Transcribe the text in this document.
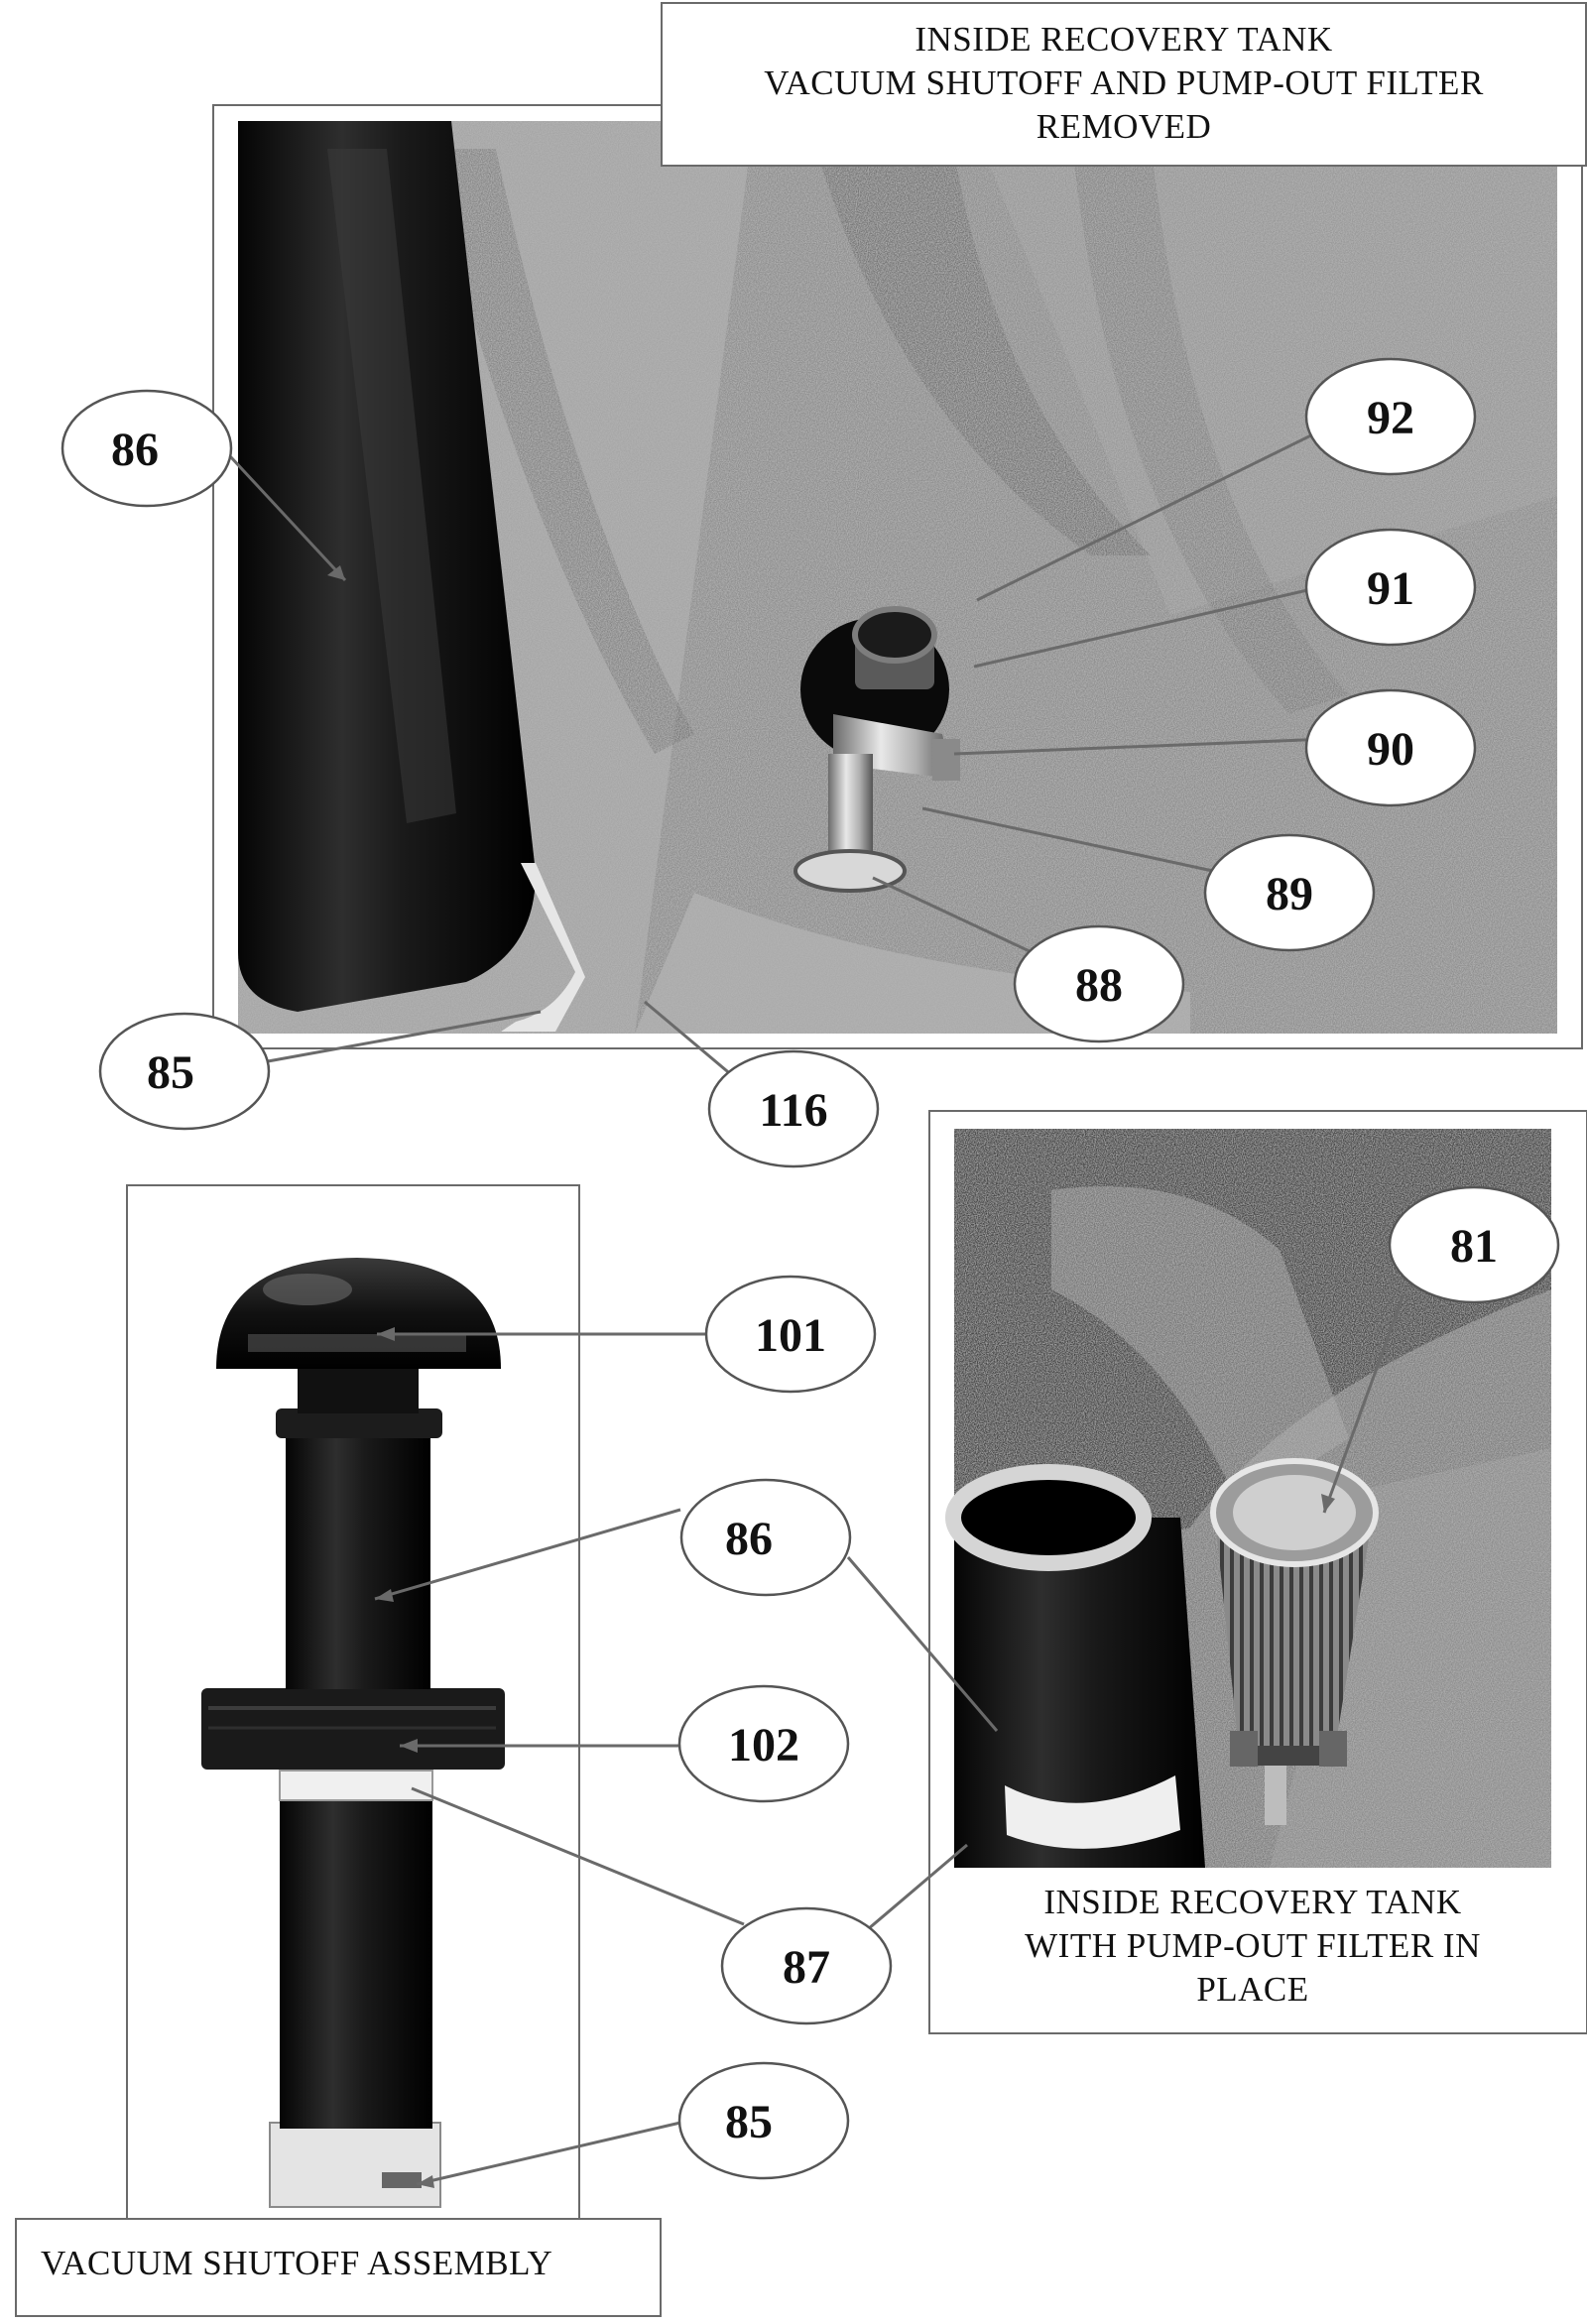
86
92
91
90
89
88
85
116
81
101
86
102
87
85
INSIDE RECOVERY TANK
VACUUM SHUTOFF AND PUMP-OUT FILTER
REMOVED
INSIDE RECOVERY TANK
WITH PUMP-OUT FILTER IN
PLACE
VACUUM SHUTOFF ASSEMBLY
